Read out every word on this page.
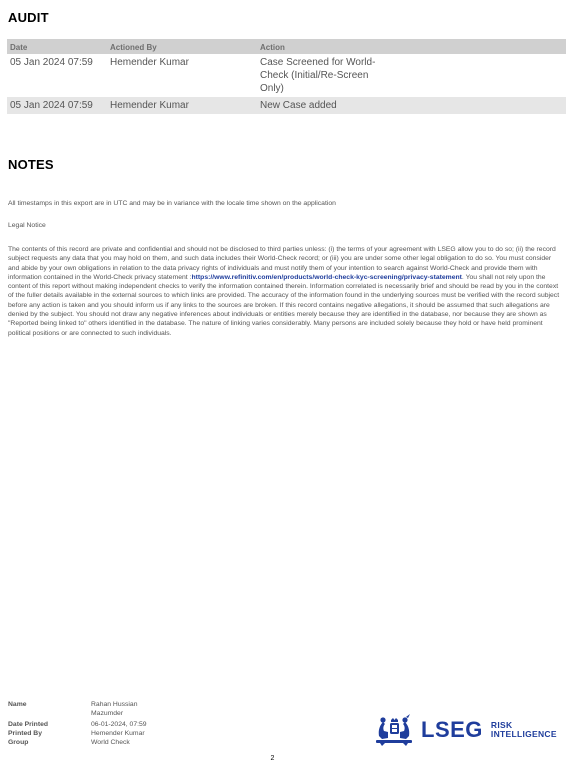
AUDIT
Date	Actioned By	Action
05 Jan 2024 07:59	Hemender Kumar	Case Screened for World-Check (Initial/Re-Screen Only)

05 Jan 2024 07:59	Hemender Kumar	New Case added
NOTES
All timestamps in this export are in UTC and may be in variance with the locale time shown on the application
Legal Notice
The contents of this record are private and confidential and should not be disclosed to third parties unless: (i) the terms of your agreement with LSEG allow you to do so; (ii) the record subject requests any data that you may hold on them, and such data includes their World-Check record; or (iii) you are under some other legal obligation to do so. You must consider and abide by your own obligations in relation to the data privacy rights of individuals and must notify them of your intention to search against World-Check and provide them with information contained in the World-Check privacy statement :https://www.refinitiv.com/en/products/world-check-kyc-screening/privacy-statement. You shall not rely upon the content of this report without making independent checks to verify the information contained therein. Information correlated is necessarily brief and should be read by you in the context of the fuller details available in the external sources to which links are provided. The accuracy of the information found in the underlying sources must be verified with the record subject before any action is taken and you should inform us if any links to the sources are broken. If this record contains negative allegations, it should be assumed that such allegations are denied by the subject. You should not draw any negative inferences about individuals or entities merely because they are identified in the database, nor because they are shown as "Reported being linked to" others identified in the database. The nature of linking varies considerably. Many persons are included solely because they hold or have held prominent political positions or are connected to such individuals.
Name	Rahan Hussian Mazumder
Date Printed	06-01-2024, 07:59
Printed By	Hemender Kumar
Group	World Check
LSEG RISK
INTELLIGENCE
2
